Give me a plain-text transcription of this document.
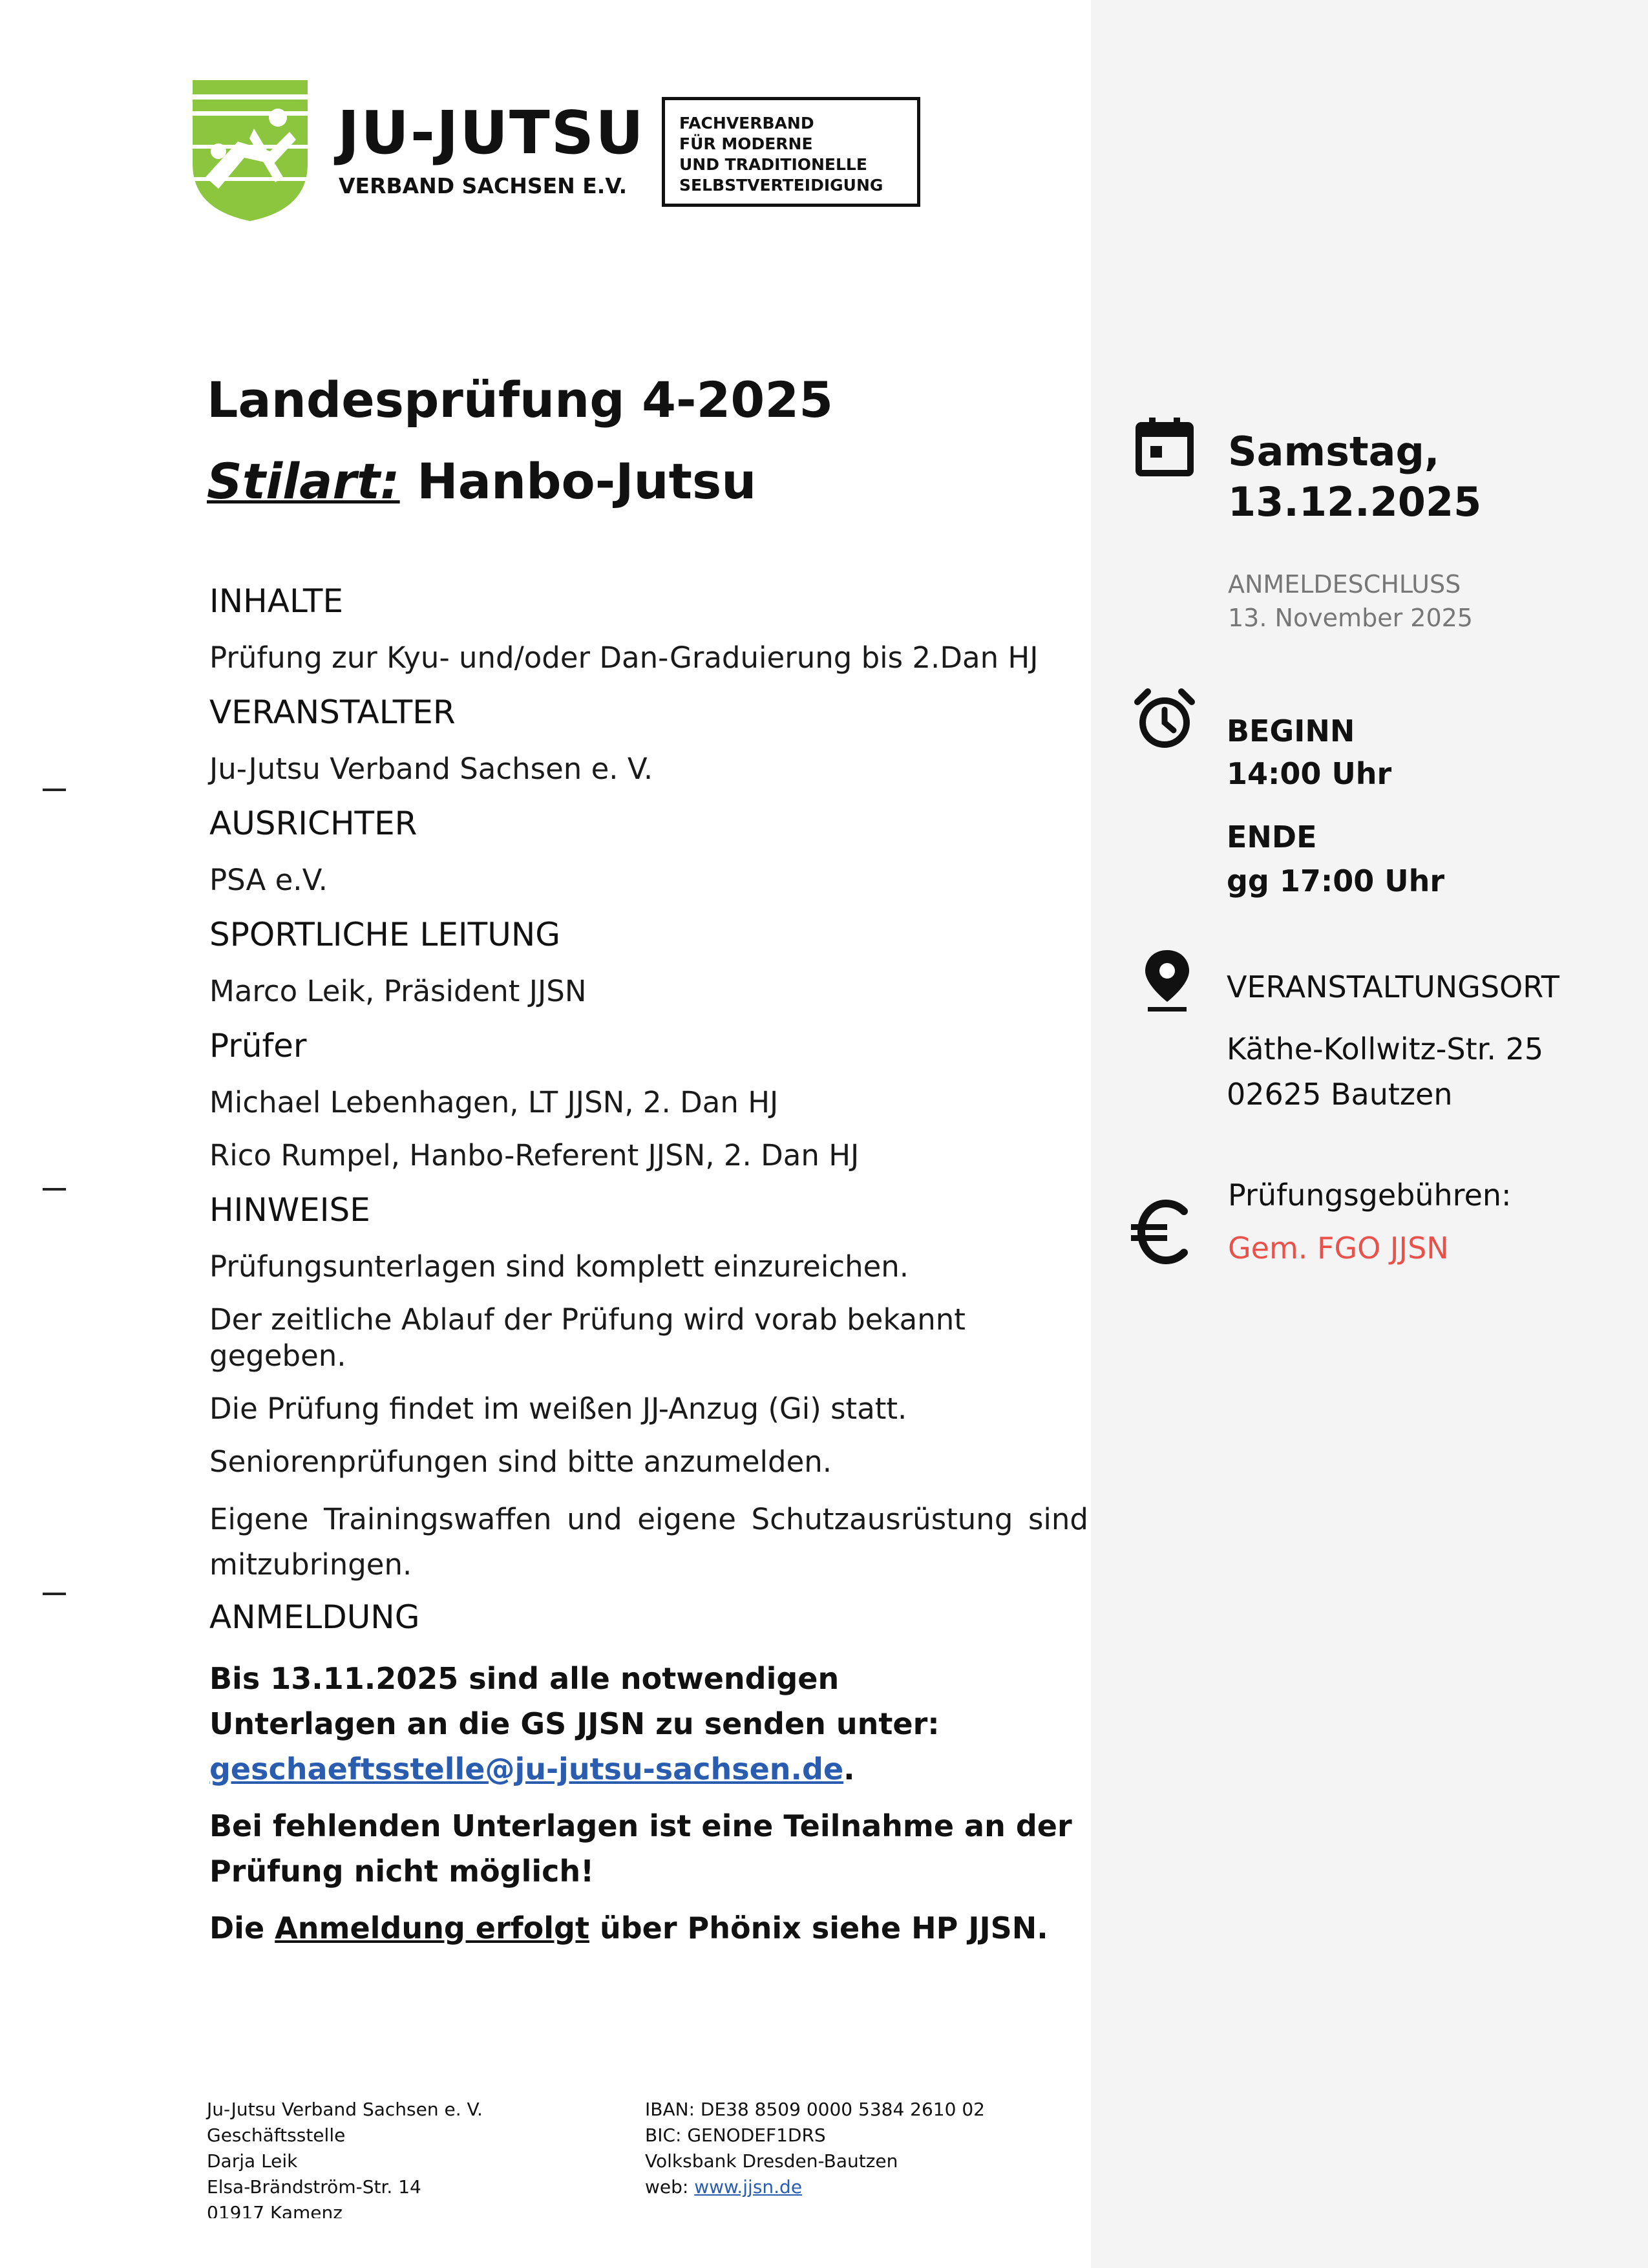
JU-JUTSU
VERBAND SACHSEN E.V.
FACHVERBAND
FÜR MODERNE
UND TRADITIONELLE
SELBSTVERTEIDIGUNG
Landesprüfung 4-2025
Stilart: Hanbo-Jutsu
INHALTE
Prüfung zur Kyu- und/oder Dan-Graduierung bis 2.Dan HJ
VERANSTALTER
Ju-Jutsu Verband Sachsen e. V.
AUSRICHTER
PSA e.V.
SPORTLICHE LEITUNG
Marco Leik, Präsident JJSN
Prüfer
Michael Lebenhagen, LT JJSN, 2. Dan HJ
Rico Rumpel, Hanbo-Referent JJSN, 2. Dan HJ
HINWEISE
Prüfungsunterlagen sind komplett einzureichen.
Der zeitliche Ablauf der Prüfung wird vorab bekannt gegeben.
Die Prüfung findet im weißen JJ-Anzug (Gi) statt.
Seniorenprüfungen sind bitte anzumelden.
Eigene Trainingswaffen und eigene Schutzausrüstung sind mitzubringen.
ANMELDUNG
Bis 13.11.2025 sind alle notwendigen Unterlagen an die GS JJSN zu senden unter: geschaeftsstelle@ju-jutsu-sachsen.de.
Bei fehlenden Unterlagen ist eine Teilnahme an der Prüfung nicht möglich!
Die Anmeldung erfolgt über Phönix siehe HP JJSN.
Samstag,
13.12.2025
ANMELDESCHLUSS
13. November 2025
BEGINN
14:00 Uhr
ENDE
gg 17:00 Uhr
VERANSTALTUNGSORT
Käthe-Kollwitz-Str. 25
02625 Bautzen
Prüfungsgebühren:
Gem. FGO JJSN
Ju-Jutsu Verband Sachsen e. V.
Geschäftsstelle
Darja Leik
Elsa-Brändström-Str. 14
01917 Kamenz
IBAN: DE38 8509 0000 5384 2610 02
BIC: GENODEF1DRS
Volksbank Dresden-Bautzen
web: www.jjsn.de
